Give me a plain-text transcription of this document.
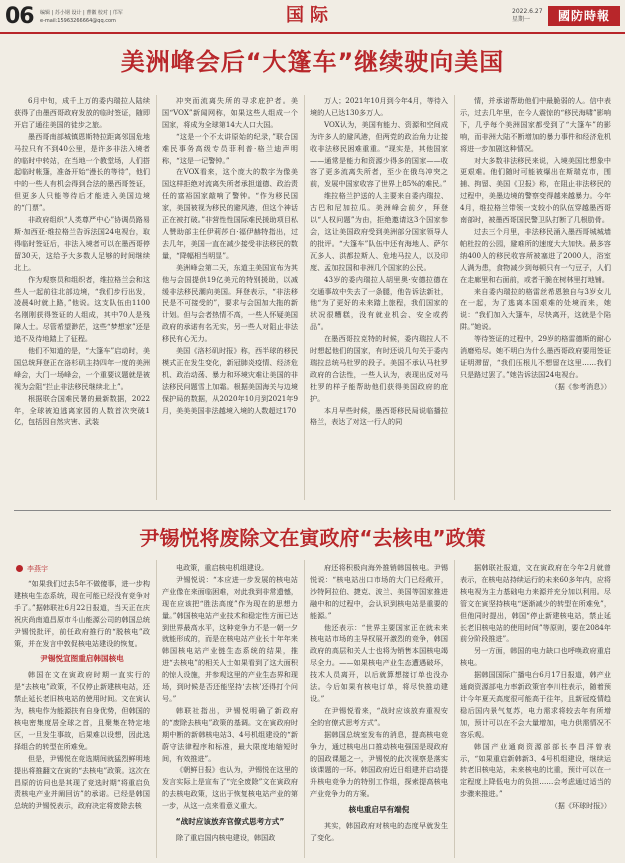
06 编辑 | 苏小钢 设计 | 曹徽 校对 | 邝军
e-mail:15963266664@qq.com	国际	2022.6.27
星期一	國防時報
美洲峰会后“大篷车”继续驶向美国

6月中旬，成千上万的委内瑞拉人陆续获得了由墨西哥政府发放的临时签证，随即开启了通往美国的徒步之旅。

墨西哥南部城镇恩斯特拉距离邻国危地马拉只有不到40公里，是许多非法入境者的临时中转站，在当地一个教堂场，人们搭起临时帐篷，准备开始“漫长的等待”，他们中的一些人有机会得到合法的墨西哥签证，但更多人只能等待后才能进入美国边境的“门票”。

非政府组织“人类尊严中心”协调员路易斯·加西亚·维拉格兰告诉法国24电视台，取得临时签证后，非法入境者可以在墨西哥停留30天，这给予大多数人足够的时间继续北上。

作为观察员和组织者，维拉格兰会和这些人一起前往北部边境，“我们步行出发，凌晨4时就上路，”他说。这支队伍由1100名刚刚获得签证的人组成，其中70人是残障人士。尽管希望渺茫，这些“梦想家”还是追不及待地踏上了征程。

他们不知道的是，“大篷车”启动时，美国总统拜登正在洛杉矶主持四年一度的美洲峰会，大门一场峰会，一个重要议题就是被视为会阻“拦止非法移民继续北上”。

根据联合国难民署的最新数据，2022年，全球被迫逃离家园的人数首次突破1亿，包括因自然灾害、武装

冲突而流离失所的寻求庇护者。美国“VOX”新闻网称，如果这些人组成一个国家，将成为全球第14大人口大国。

“这是一个不太讲原始的纪录，”联合国难民事务高级专员菲利普·格兰迪声明称，“这是一记警钟。”

在VOX看来，这个庞大的数字为像美国这样拒绝对流离失所者承担道德、政治责任的富裕国家敲响了警钟。“作为移民国家，美国被视为移民的避风港，但这个神话正在被打破。”非营性性国际难民援助项目私人赞助部主任伊莉莎白·福伊赫特指出，过去几年，美国一直在减少接受非法移民的数量，“降幅相当明显”。

美洲峰会第二天，东道主美国宣布为其他与会国提供19亿美元的特别援助，以减缓非法移民潮向美国。拜登表示，“非法移民是不可接受的”，要求与会国加大拖的新计划。但与会者热情不高，一些人怀疑美国政府的承诺有名无实，另一些人对阻止非法移民有心无力。

美国《洛杉矶时报》称，西半球的移民模式正在发生变化，新冠肺炎疫情、经济危机、政治动荡、暴力和环境灾难让美国的非法移民问题雪上加霜。根据美国海关与边境保护局的数据，从2020年10月到2021年9月，美美美国非法越境入境的人数超过170

万人；2021年10月到今年4月，等待入境的人已达130多万人。

VOX认为，美国有能力、资源和空间成为许多人的避风港，但两党的政治角力让接收非法移民困难重重。“现实是，其他国家——通常是能力和资源少得多的国家——收容了更多流离失所者，至少在俄乌冲突之前，发展中国家收容了世界上85%的难民。”

维拉格兰护送的人主要来自委内瑞拉、古巴和尼加拉瓜。美洲峰会前夕，拜登以“人权问题”为由，拒绝邀请这3个国家参会，这让美国政府受到美洲部分国家领导人的批评。“大篷车”队伍中还有海地人、萨尔瓦多人、洪都拉斯人、危地马拉人，以及印度、孟加拉国和非洲几个国家的公民。

43岁的委内瑞拉人胡里奥·安德拉德在交通事故中失去了一条腿，他告诉法新社，他“为了更好的未来踏上旅程，我们国家的状况很糟糕，没有就业机会、安全或药品”。

在墨西哥拉克特的时候，委内瑞拉人不时想起他们的国家，有时还说几句关于委内瑞拉总统马杜罗的段子。美国不承认马杜罗政府的合法性，一些人认为，表现出反对马杜罗的样子能帮助他们获得美国政府的庇护。

本月早些时候，墨西哥移民局说临播拉格兰，表达了对这一行人的同

情，并承诺帮助他们中最脆弱的人。信中表示，过去几年里，在今人震惊的“移民海啸”影响下，几乎每个美洲国家都受到了“大篷车”的影响，而非洲大陆不断增加的暴力事件和经济危机将进一步加剧这种情况。

对大多数非法移民来说，入境美国比想象中更艰难。他们随时可能被爆出在斯瑞克市，围捕、拘留、美国《卫报》称，在阻止非法移民的过程中，美墨边境的警察变得越来越暴力。今年4月，维拉格兰带领一支较小的队伍穿越墨西哥南部时，被墨西哥国民警卫队打断了几根肋骨。

过去三个月里，非法移民涌入墨西哥城城墙帕杜拉的公园，避难所的速度大大加快。最多容纳400人的移民收容所被塞进了2000人，浴室人满为患，食物减少到每顿只有一勺豆子，人们在走廊里和右面前，或者干脆在树林里打地铺。

来自委内瑞拉的格雷丝希恩独自与3岁女儿在一起，为了逃离本国艰难的处境而来，她说：“我们加入大篷车，尽快离开，这就是个陷阱。”她说。

等待签证的过程中，29岁的格雷德斯的耐心消磨殆尽。她不明白为什么墨西哥政府要用签证证明滞留，“我们压根儿不想留在这里……我们只是路过罢了。”她告诉法国24电视台。

（据《参考消息》）

尹锡悦将废除文在寅政府“去核电”政策
李燕宇

“如果我们过去5年不做傻事，进一步构建核电生态系统，现在可能已经没有竞争对手了。”据韩联社6月22日报道，当天正在庆祝庆尚南道昌原市斗山能源公司的韩国总统尹锡悦批评，前任政府推行的“脱核电”政策，并在发言中敦促核电站建设的恢复。

尹锡悦宣图重启韩国核电

韩国在文在寅政府时期一直实行的是“去核电”政策，不仅停止新建核电站，还禁止延长老旧核电站的使用时间。文在寅认为，核电作为能源扶有自身优势，但韩国的核电密集度居全球之首，且聚集在特定地区，一旦发生事故，后果难以设想，因此选择组合的转型在所难免。

但是，尹锡悦在竞选期间就猛烈鲜明地提出将推翻文在寅的“去核电”政策。这次在昌原的访问也是其现了竞选时期“将重启负责核电产业并阐回访”的承诺。已经是韩国总统的尹锡悦表示，政府决定将废除去核

电政策，重启核电机组建设。

尹锡悦说：“本应进一步发展的核电站产业像在来面临困难，对此我到非常遗憾，现在应该把“胜法高度”作为现在的思想力量。”韩国核电站产业技术和稳定性方面已达到世界最高水平，这种竞争力不是一朝一夕就能形成的，而是在核电站产业长十年年来韩国核电站产业链生态系统的结果，推进“去核电”的相关人士如果看到了这大面积的惊人设施，并参观这里的产业生态界和现场，到时候是否还能坚持‘去核’还得打个问号。”

韩联社指出，尹锡悦明确了新政府的“废除去核电”政策的基调。文在寅政府时期中断的新韩核电站3、4号机组建设的“新蔚守法律程序和标准，最大限度地缩短时间，有效推进”。

《朝鲜日报》也认为，尹锡悦在这里的发言实际上是宣布了“完全废除”文在寅政府的去核电政策，这出于恢复核电站产业的第一步，从这一点来看意义重大。

“战时应该放弃官僚式思考方式”

除了重启国内核电建设，韩国政

府还将积极向海外推销韩国核电。尹锡悦说：“核电站出口市场的大门已经敞开，沙特阿拉伯、捷克、波兰、美国等国家推进融中和的过程中，会认识到核电站是重要的能源。”

他还表示：“世界主要国家正在就未来核电站市场的主导权展开激烈的竞争，韩国政府的高层和关人士也将为销售本国核电竭尽全力。——如果核电产业生态遭遇破坏，技术人员离开，以后就算想接订单也没办法。今后如果有核电订单，将尽快推动建设。”

在尹锡悦看来，“战时应该放弃重视安全的官僚式思考方式”。

据韩国总统室发布的消息，提高核电竞争力，通过核电出口推动核电强国是现政府的国政课题之一，尹锡悦的此次视察是落实该课题的一环。韩国政府近日组建并启动提升核电竞争力的特别工作组，探索提高核电产业竞争力的方案。

核电重启早有端倪

其实，韩国政府对核电的态度早就发生了变化。

据韩联社报道，文在寅政府在今年2月就曾表示，在核电站持续运行的未来60多年内，应将核电视为主力基础电力来源并充分加以利用。尽管文在寅坚持核电“逐渐减少的转型在所难免”，但他同时提出，韩国“停止新建核电站，禁止延长老旧核电站的使用时间”等原则，要在2084年前分阶段推进”。

另一方面，韩国的电力缺口也呼唤政府重启核电。

据韩国国际广播电台6月17日报道，韩产业通商资源部电力率新政策官李川柱表示，随着预计今年夏天高度很可能高于往年，且新冠疫情趋稳后国内景气复苏，电力需求将较去年有所增加，预计可以在不会大量增加，电力供需情况不容乐观。

韩国产业通商资源部部长李昌洋曾表示，“如果重启新韩新3、4号机组建设，继续运转老旧核电站，未来核电的比重，预计可以在一定程度上降低电力的负担……会考虑通过适当的步骤来推进。”

（据《环球时报》）
